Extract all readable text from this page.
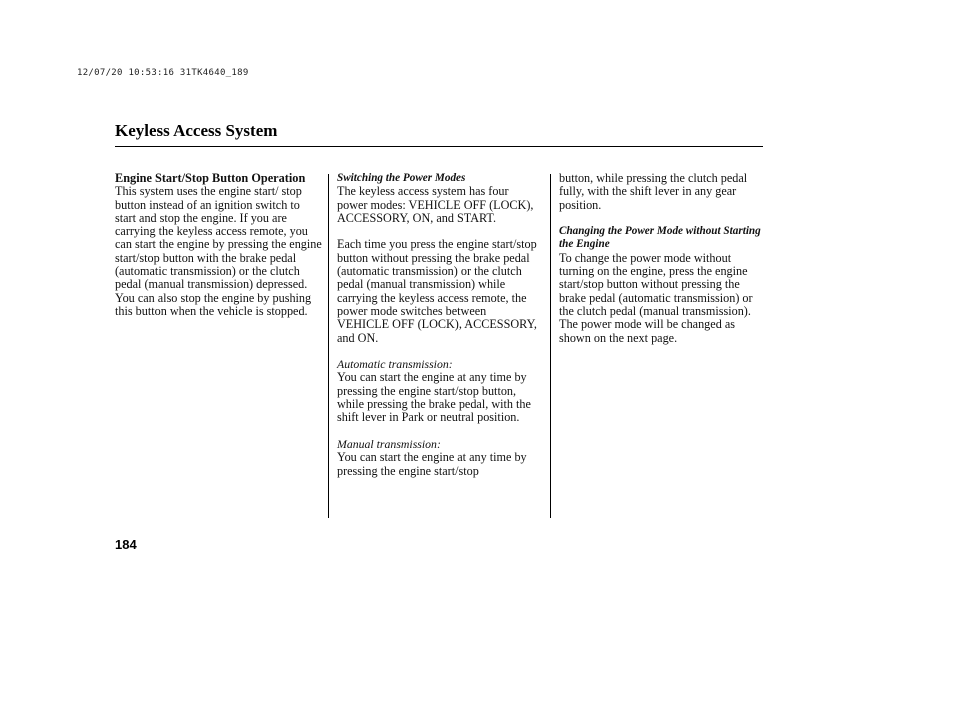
12/07/20 10:53:16 31TK4640_189
Keyless Access System

Engine Start/Stop Button Operation

This system uses the engine start/ stop button instead of an ignition switch to start and stop the engine. If you are carrying the keyless access remote, you can start the engine by pressing the engine start/stop button with the brake pedal (automatic transmission) or the clutch pedal (manual transmission) depressed. You can also stop the engine by pushing this button when the vehicle is stopped.

Switching the Power Modes

The keyless access system has four power modes: VEHICLE OFF (LOCK), ACCESSORY, ON, and START.

Each time you press the engine start/stop button without pressing the brake pedal (automatic transmission) or the clutch pedal (manual transmission) while carrying the keyless access remote, the power mode switches between VEHICLE OFF (LOCK), ACCESSORY, and ON.

Automatic transmission:

You can start the engine at any time by pressing the engine start/stop button, while pressing the brake pedal, with the shift lever in Park or neutral position.

Manual transmission:

You can start the engine at any time by pressing the engine start/stop

button, while pressing the clutch pedal fully, with the shift lever in any gear position.

Changing the Power Mode without Starting the Engine

To change the power mode without turning on the engine, press the engine start/stop button without pressing the brake pedal (automatic transmission) or the clutch pedal (manual transmission). The power mode will be changed as shown on the next page.

184
